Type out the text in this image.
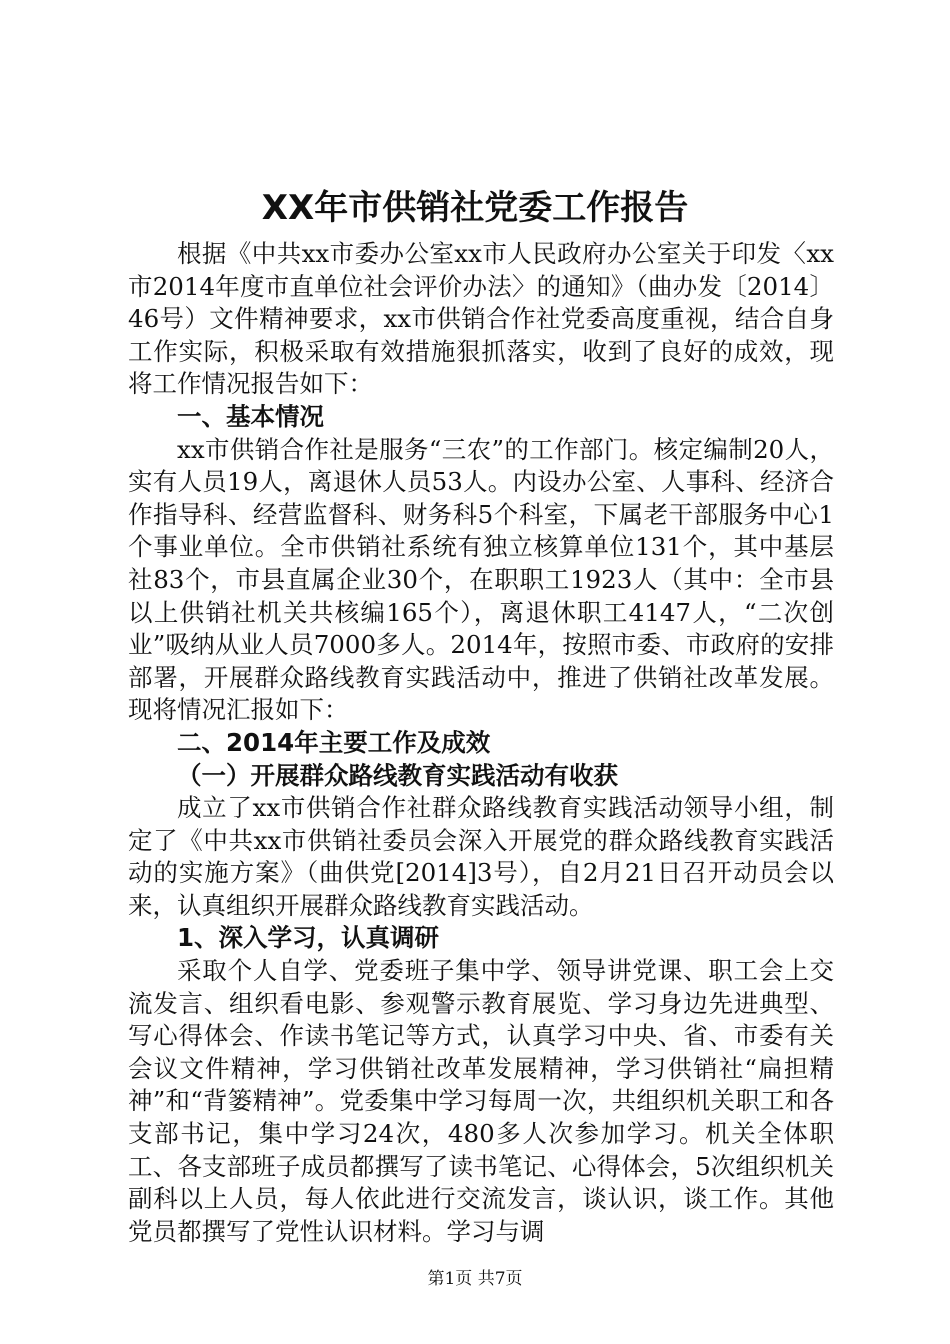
XX年市供销社党委工作报告

根据《中共xx市委办公室xx市人民政府办公室关于印发〈xx市2014年度市直单位社会评价办法〉的通知》（曲办发〔2014〕46号）文件精神要求，xx市供销合作社党委高度重视，结合自身工作实际，积极采取有效措施狠抓落实，收到了良好的成效，现将工作情况报告如下：

一、基本情况

xx市供销合作社是服务“三农”的工作部门。核定编制20人，实有人员19人，离退休人员53人。内设办公室、人事科、经济合作指导科、经营监督科、财务科5个科室，下属老干部服务中心1个事业单位。全市供销社系统有独立核算单位131个，其中基层社83个，市县直属企业30个，在职职工1923人（其中：全市县以上供销社机关共核编165个），离退休职工4147人，“二次创业”吸纳从业人员7000多人。2014年，按照市委、市政府的安排部署，开展群众路线教育实践活动中，推进了供销社改革发展。现将情况汇报如下：

二、2014年主要工作及成效
（一）开展群众路线教育实践活动有收获

成立了xx市供销合作社群众路线教育实践活动领导小组，制定了《中共xx市供销社委员会深入开展党的群众路线教育实践活动的实施方案》（曲供党[2014]3号），自2月21日召开动员会以来，认真组织开展群众路线教育实践活动。

1、深入学习，认真调研

采取个人自学、党委班子集中学、领导讲党课、职工会上交流发言、组织看电影、参观警示教育展览、学习身边先进典型、写心得体会、作读书笔记等方式，认真学习中央、省、市委有关会议文件精神，学习供销社改革发展精神，学习供销社“扁担精神”和“背篓精神”。党委集中学习每周一次，共组织机关职工和各支部书记，集中学习24次，480多人次参加学习。机关全体职工、各支部班子成员都撰写了读书笔记、心得体会，5次组织机关副科以上人员，每人依此进行交流发言，谈认识，谈工作。其他党员都撰写了党性认识材料。学习与调

第1页 共7页
